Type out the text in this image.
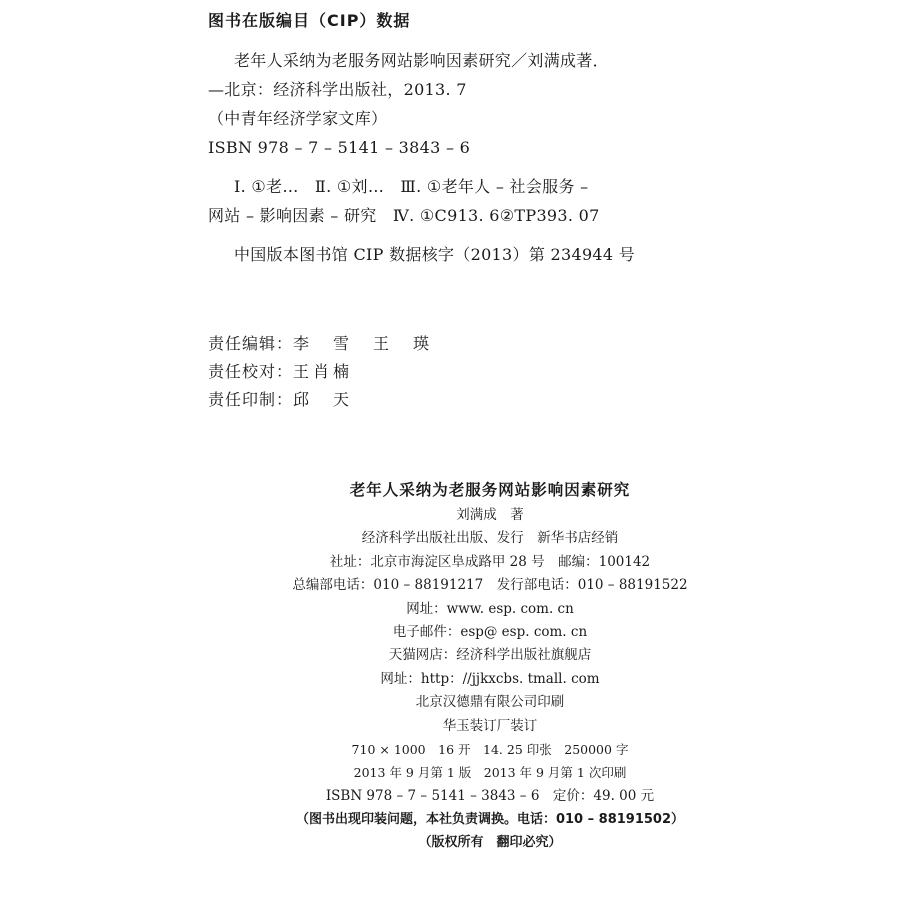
图书在版编目（CIP）数据
老年人采纳为老服务网站影响因素研究／刘满成著．
—北京：经济科学出版社，2013. 7
（中青年经济学家文库）
ISBN 978 – 7 – 5141 – 3843 – 6
Ⅰ. ①老…　Ⅱ. ①刘…　Ⅲ. ①老年人 – 社会服务 –
网站 – 影响因素 – 研究　Ⅳ. ①C913. 6②TP393. 07
中国版本图书馆 CIP 数据核字（2013）第 234944 号
责任编辑：李　雪　王　瑛
责任校对：王肖楠
责任印制：邱　天
老年人采纳为老服务网站影响因素研究
刘满成　著
经济科学出版社出版、发行　新华书店经销
社址：北京市海淀区阜成路甲 28 号　邮编：100142
总编部电话：010 – 88191217　发行部电话：010 – 88191522
网址：www. esp. com. cn
电子邮件：esp@ esp. com. cn
天猫网店：经济科学出版社旗舰店
网址：http：//jjkxcbs. tmall. com
北京汉德鼎有限公司印刷
华玉装订厂装订
710 × 1000　16 开　14. 25 印张　250000 字
2013 年 9 月第 1 版　2013 年 9 月第 1 次印刷
ISBN 978 – 7 – 5141 – 3843 – 6　定价：49. 00 元
（图书出现印装问题，本社负责调换。电话：010 – 88191502）
（版权所有　翻印必究）
